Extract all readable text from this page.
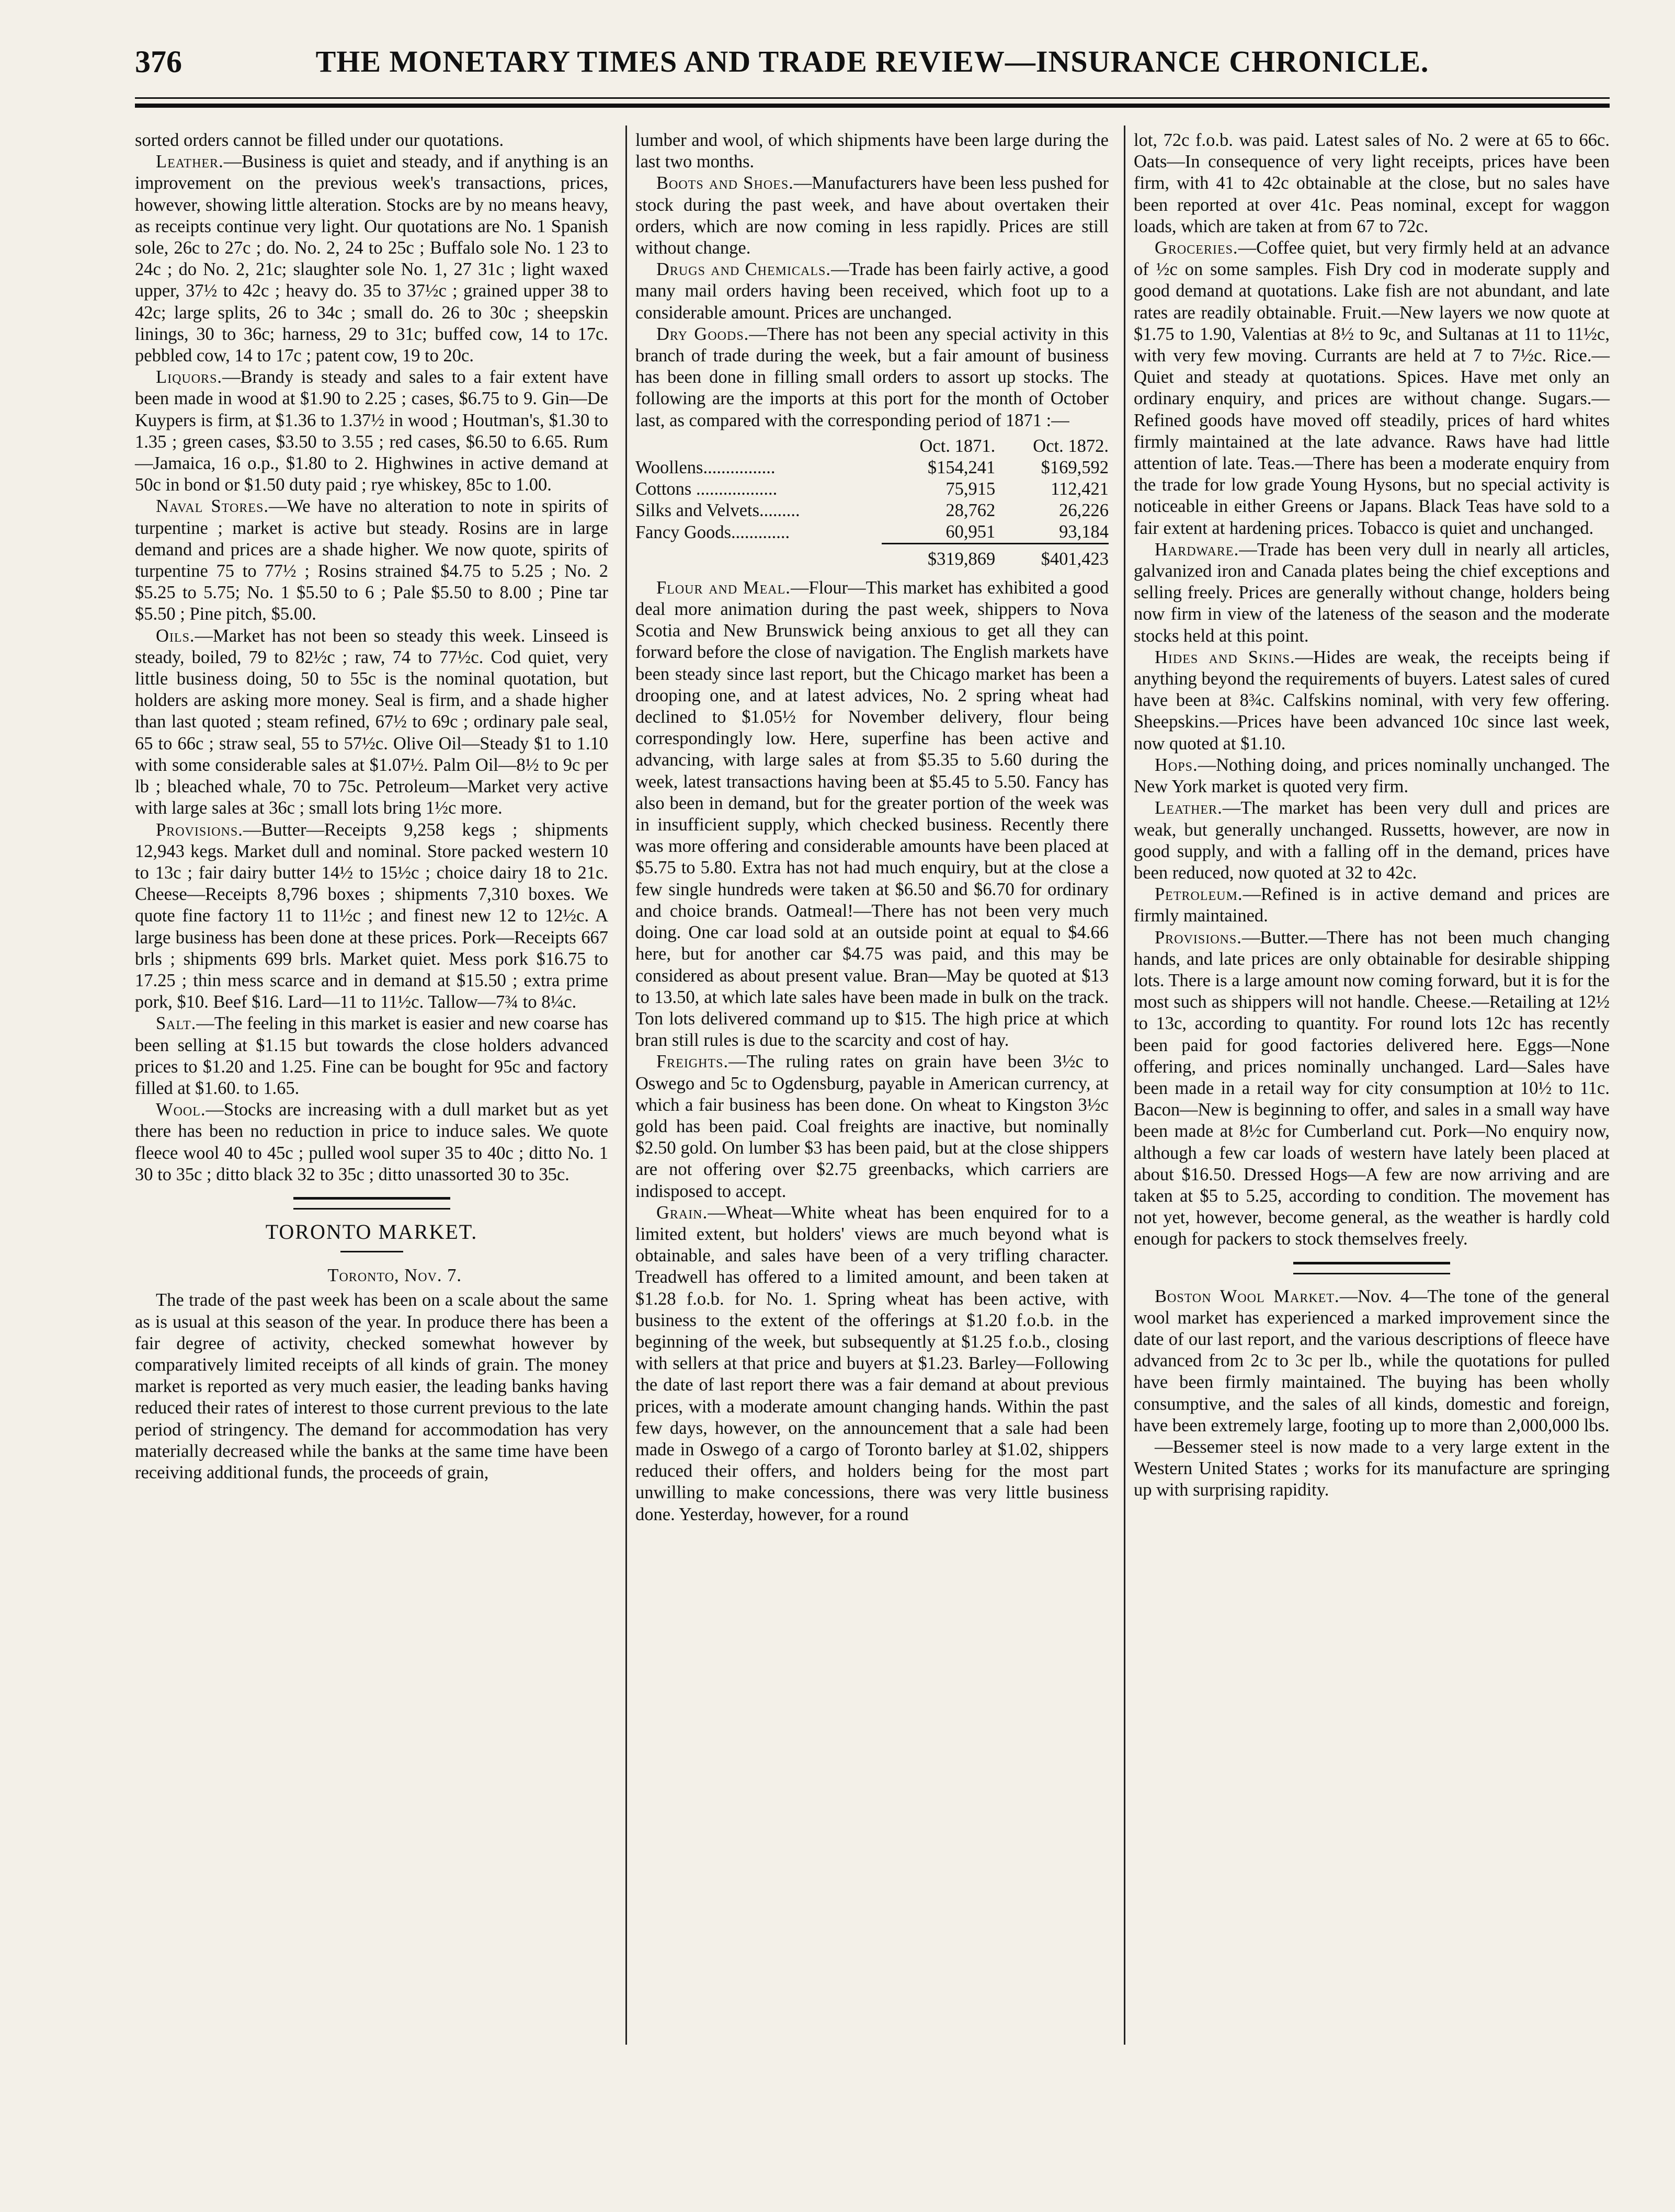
376	THE MONETARY TIMES AND TRADE REVIEW—INSURANCE CHRONICLE.

sorted orders cannot be filled under our quotations.

Leather.—Business is quiet and steady, and if anything is an improvement on the previous week's transactions, prices, however, showing little alteration. Stocks are by no means heavy, as receipts continue very light. Our quotations are No. 1 Spanish sole, 26c to 27c ; do. No. 2, 24 to 25c ; Buffalo sole No. 1 23 to 24c ; do No. 2, 21c; slaughter sole No. 1, 27 31c ; light waxed upper, 37½ to 42c ; heavy do. 35 to 37½c ; grained upper 38 to 42c; large splits, 26 to 34c ; small do. 26 to 30c ; sheepskin linings, 30 to 36c; harness, 29 to 31c; buffed cow, 14 to 17c. pebbled cow, 14 to 17c ; patent cow, 19 to 20c.

Liquors.—Brandy is steady and sales to a fair extent have been made in wood at $1.90 to 2.25 ; cases, $6.75 to 9. Gin—De Kuypers is firm, at $1.36 to 1.37½ in wood ; Houtman's, $1.30 to 1.35 ; green cases, $3.50 to 3.55 ; red cases, $6.50 to 6.65. Rum—Jamaica, 16 o.p., $1.80 to 2. Highwines in active demand at 50c in bond or $1.50 duty paid ; rye whiskey, 85c to 1.00.

Naval Stores.—We have no alteration to note in spirits of turpentine ; market is active but steady. Rosins are in large demand and prices are a shade higher. We now quote, spirits of turpentine 75 to 77½ ; Rosins strained $4.75 to 5.25 ; No. 2 $5.25 to 5.75; No. 1 $5.50 to 6 ; Pale $5.50 to 8.00 ; Pine tar $5.50 ; Pine pitch, $5.00.

Oils.—Market has not been so steady this week. Linseed is steady, boiled, 79 to 82½c ; raw, 74 to 77½c. Cod quiet, very little business doing, 50 to 55c is the nominal quotation, but holders are asking more money. Seal is firm, and a shade higher than last quoted ; steam refined, 67½ to 69c ; ordinary pale seal, 65 to 66c ; straw seal, 55 to 57½c. Olive Oil—Steady $1 to 1.10 with some considerable sales at $1.07½. Palm Oil—8½ to 9c per lb ; bleached whale, 70 to 75c. Petroleum—Market very active with large sales at 36c ; small lots bring 1½c more.

Provisions.—Butter—Receipts 9,258 kegs ; shipments 12,943 kegs. Market dull and nominal. Store packed western 10 to 13c ; fair dairy butter 14½ to 15½c ; choice dairy 18 to 21c. Cheese—Receipts 8,796 boxes ; shipments 7,310 boxes. We quote fine factory 11 to 11½c ; and finest new 12 to 12½c. A large business has been done at these prices. Pork—Receipts 667 brls ; shipments 699 brls. Market quiet. Mess pork $16.75 to 17.25 ; thin mess scarce and in demand at $15.50 ; extra prime pork, $10. Beef $16. Lard—11 to 11½c. Tallow—7¾ to 8¼c.

Salt.—The feeling in this market is easier and new coarse has been selling at $1.15 but towards the close holders advanced prices to $1.20 and 1.25. Fine can be bought for 95c and factory filled at $1.60. to 1.65.

Wool.—Stocks are increasing with a dull market but as yet there has been no reduction in price to induce sales. We quote fleece wool 40 to 45c ; pulled wool super 35 to 40c ; ditto No. 1 30 to 35c ; ditto black 32 to 35c ; ditto unassorted 30 to 35c.

TORONTO MARKET.
Toronto, Nov. 7.

The trade of the past week has been on a scale about the same as is usual at this season of the year. In produce there has been a fair degree of activity, checked somewhat however by comparatively limited receipts of all kinds of grain. The money market is reported as very much easier, the leading banks having reduced their rates of interest to those current previous to the late period of stringency. The demand for accommodation has very materially decreased while the banks at the same time have been receiving additional funds, the proceeds of grain,

lumber and wool, of which shipments have been large during the last two months.

Boots and Shoes.—Manufacturers have been less pushed for stock during the past week, and have about overtaken their orders, which are now coming in less rapidly. Prices are still without change.

Drugs and Chemicals.—Trade has been fairly active, a good many mail orders having been received, which foot up to a considerable amount. Prices are unchanged.

Dry Goods.—There has not been any special activity in this branch of trade during the week, but a fair amount of business has been done in filling small orders to assort up stocks. The following are the imports at this port for the month of October last, as compared with the corresponding period of 1871 :—

	Oct. 1871.	Oct. 1872.
Woollens................	$154,241	$169,592
Cottons ..................	75,915	112,421
Silks and Velvets.........	28,762	26,226
Fancy Goods.............	60,951	93,184
	$319,869	$401,423

Flour and Meal.—Flour—This market has exhibited a good deal more animation during the past week, shippers to Nova Scotia and New Brunswick being anxious to get all they can forward before the close of navigation. The English markets have been steady since last report, but the Chicago market has been a drooping one, and at latest advices, No. 2 spring wheat had declined to $1.05½ for November delivery, flour being correspondingly low. Here, superfine has been active and advancing, with large sales at from $5.35 to 5.60 during the week, latest transactions having been at $5.45 to 5.50. Fancy has also been in demand, but for the greater portion of the week was in insufficient supply, which checked business. Recently there was more offering and considerable amounts have been placed at $5.75 to 5.80. Extra has not had much enquiry, but at the close a few single hundreds were taken at $6.50 and $6.70 for ordinary and choice brands. Oatmeal!—There has not been very much doing. One car load sold at an outside point at equal to $4.66 here, but for another car $4.75 was paid, and this may be considered as about present value. Bran—May be quoted at $13 to 13.50, at which late sales have been made in bulk on the track. Ton lots delivered command up to $15. The high price at which bran still rules is due to the scarcity and cost of hay.

Freights.—The ruling rates on grain have been 3½c to Oswego and 5c to Ogdensburg, payable in American currency, at which a fair business has been done. On wheat to Kingston 3½c gold has been paid. Coal freights are inactive, but nominally $2.50 gold. On lumber $3 has been paid, but at the close shippers are not offering over $2.75 greenbacks, which carriers are indisposed to accept.

Grain.—Wheat—White wheat has been enquired for to a limited extent, but holders' views are much beyond what is obtainable, and sales have been of a very trifling character. Treadwell has offered to a limited amount, and been taken at $1.28 f.o.b. for No. 1. Spring wheat has been active, with business to the extent of the offerings at $1.20 f.o.b. in the beginning of the week, but subsequently at $1.25 f.o.b., closing with sellers at that price and buyers at $1.23. Barley—Following the date of last report there was a fair demand at about previous prices, with a moderate amount changing hands. Within the past few days, however, on the announcement that a sale had been made in Oswego of a cargo of Toronto barley at $1.02, shippers reduced their offers, and holders being for the most part unwilling to make concessions, there was very little business done. Yesterday, however, for a round

lot, 72c f.o.b. was paid. Latest sales of No. 2 were at 65 to 66c. Oats—In consequence of very light receipts, prices have been firm, with 41 to 42c obtainable at the close, but no sales have been reported at over 41c. Peas nominal, except for waggon loads, which are taken at from 67 to 72c.

Groceries.—Coffee quiet, but very firmly held at an advance of ½c on some samples. Fish Dry cod in moderate supply and good demand at quotations. Lake fish are not abundant, and late rates are readily obtainable. Fruit.—New layers we now quote at $1.75 to 1.90, Valentias at 8½ to 9c, and Sultanas at 11 to 11½c, with very few moving. Currants are held at 7 to 7½c. Rice.—Quiet and steady at quotations. Spices. Have met only an ordinary enquiry, and prices are without change. Sugars.—Refined goods have moved off steadily, prices of hard whites firmly maintained at the late advance. Raws have had little attention of late. Teas.—There has been a moderate enquiry from the trade for low grade Young Hysons, but no special activity is noticeable in either Greens or Japans. Black Teas have sold to a fair extent at hardening prices. Tobacco is quiet and unchanged.

Hardware.—Trade has been very dull in nearly all articles, galvanized iron and Canada plates being the chief exceptions and selling freely. Prices are generally without change, holders being now firm in view of the lateness of the season and the moderate stocks held at this point.

Hides and Skins.—Hides are weak, the receipts being if anything beyond the requirements of buyers. Latest sales of cured have been at 8¾c. Calfskins nominal, with very few offering. Sheepskins.—Prices have been advanced 10c since last week, now quoted at $1.10.

Hops.—Nothing doing, and prices nominally unchanged. The New York market is quoted very firm.

Leather.—The market has been very dull and prices are weak, but generally unchanged. Russetts, however, are now in good supply, and with a falling off in the demand, prices have been reduced, now quoted at 32 to 42c.

Petroleum.—Refined is in active demand and prices are firmly maintained.

Provisions.—Butter.—There has not been much changing hands, and late prices are only obtainable for desirable shipping lots. There is a large amount now coming forward, but it is for the most such as shippers will not handle. Cheese.—Retailing at 12½ to 13c, according to quantity. For round lots 12c has recently been paid for good factories delivered here. Eggs—None offering, and prices nominally unchanged. Lard—Sales have been made in a retail way for city consumption at 10½ to 11c. Bacon—New is beginning to offer, and sales in a small way have been made at 8½c for Cumberland cut. Pork—No enquiry now, although a few car loads of western have lately been placed at about $16.50. Dressed Hogs—A few are now arriving and are taken at $5 to 5.25, according to condition. The movement has not yet, however, become general, as the weather is hardly cold enough for packers to stock themselves freely.

Boston Wool Market.—Nov. 4—The tone of the general wool market has experienced a marked improvement since the date of our last report, and the various descriptions of fleece have advanced from 2c to 3c per lb., while the quotations for pulled have been firmly maintained. The buying has been wholly consumptive, and the sales of all kinds, domestic and foreign, have been extremely large, footing up to more than 2,000,000 lbs.

—Bessemer steel is now made to a very large extent in the Western United States ; works for its manufacture are springing up with surprising rapidity.
